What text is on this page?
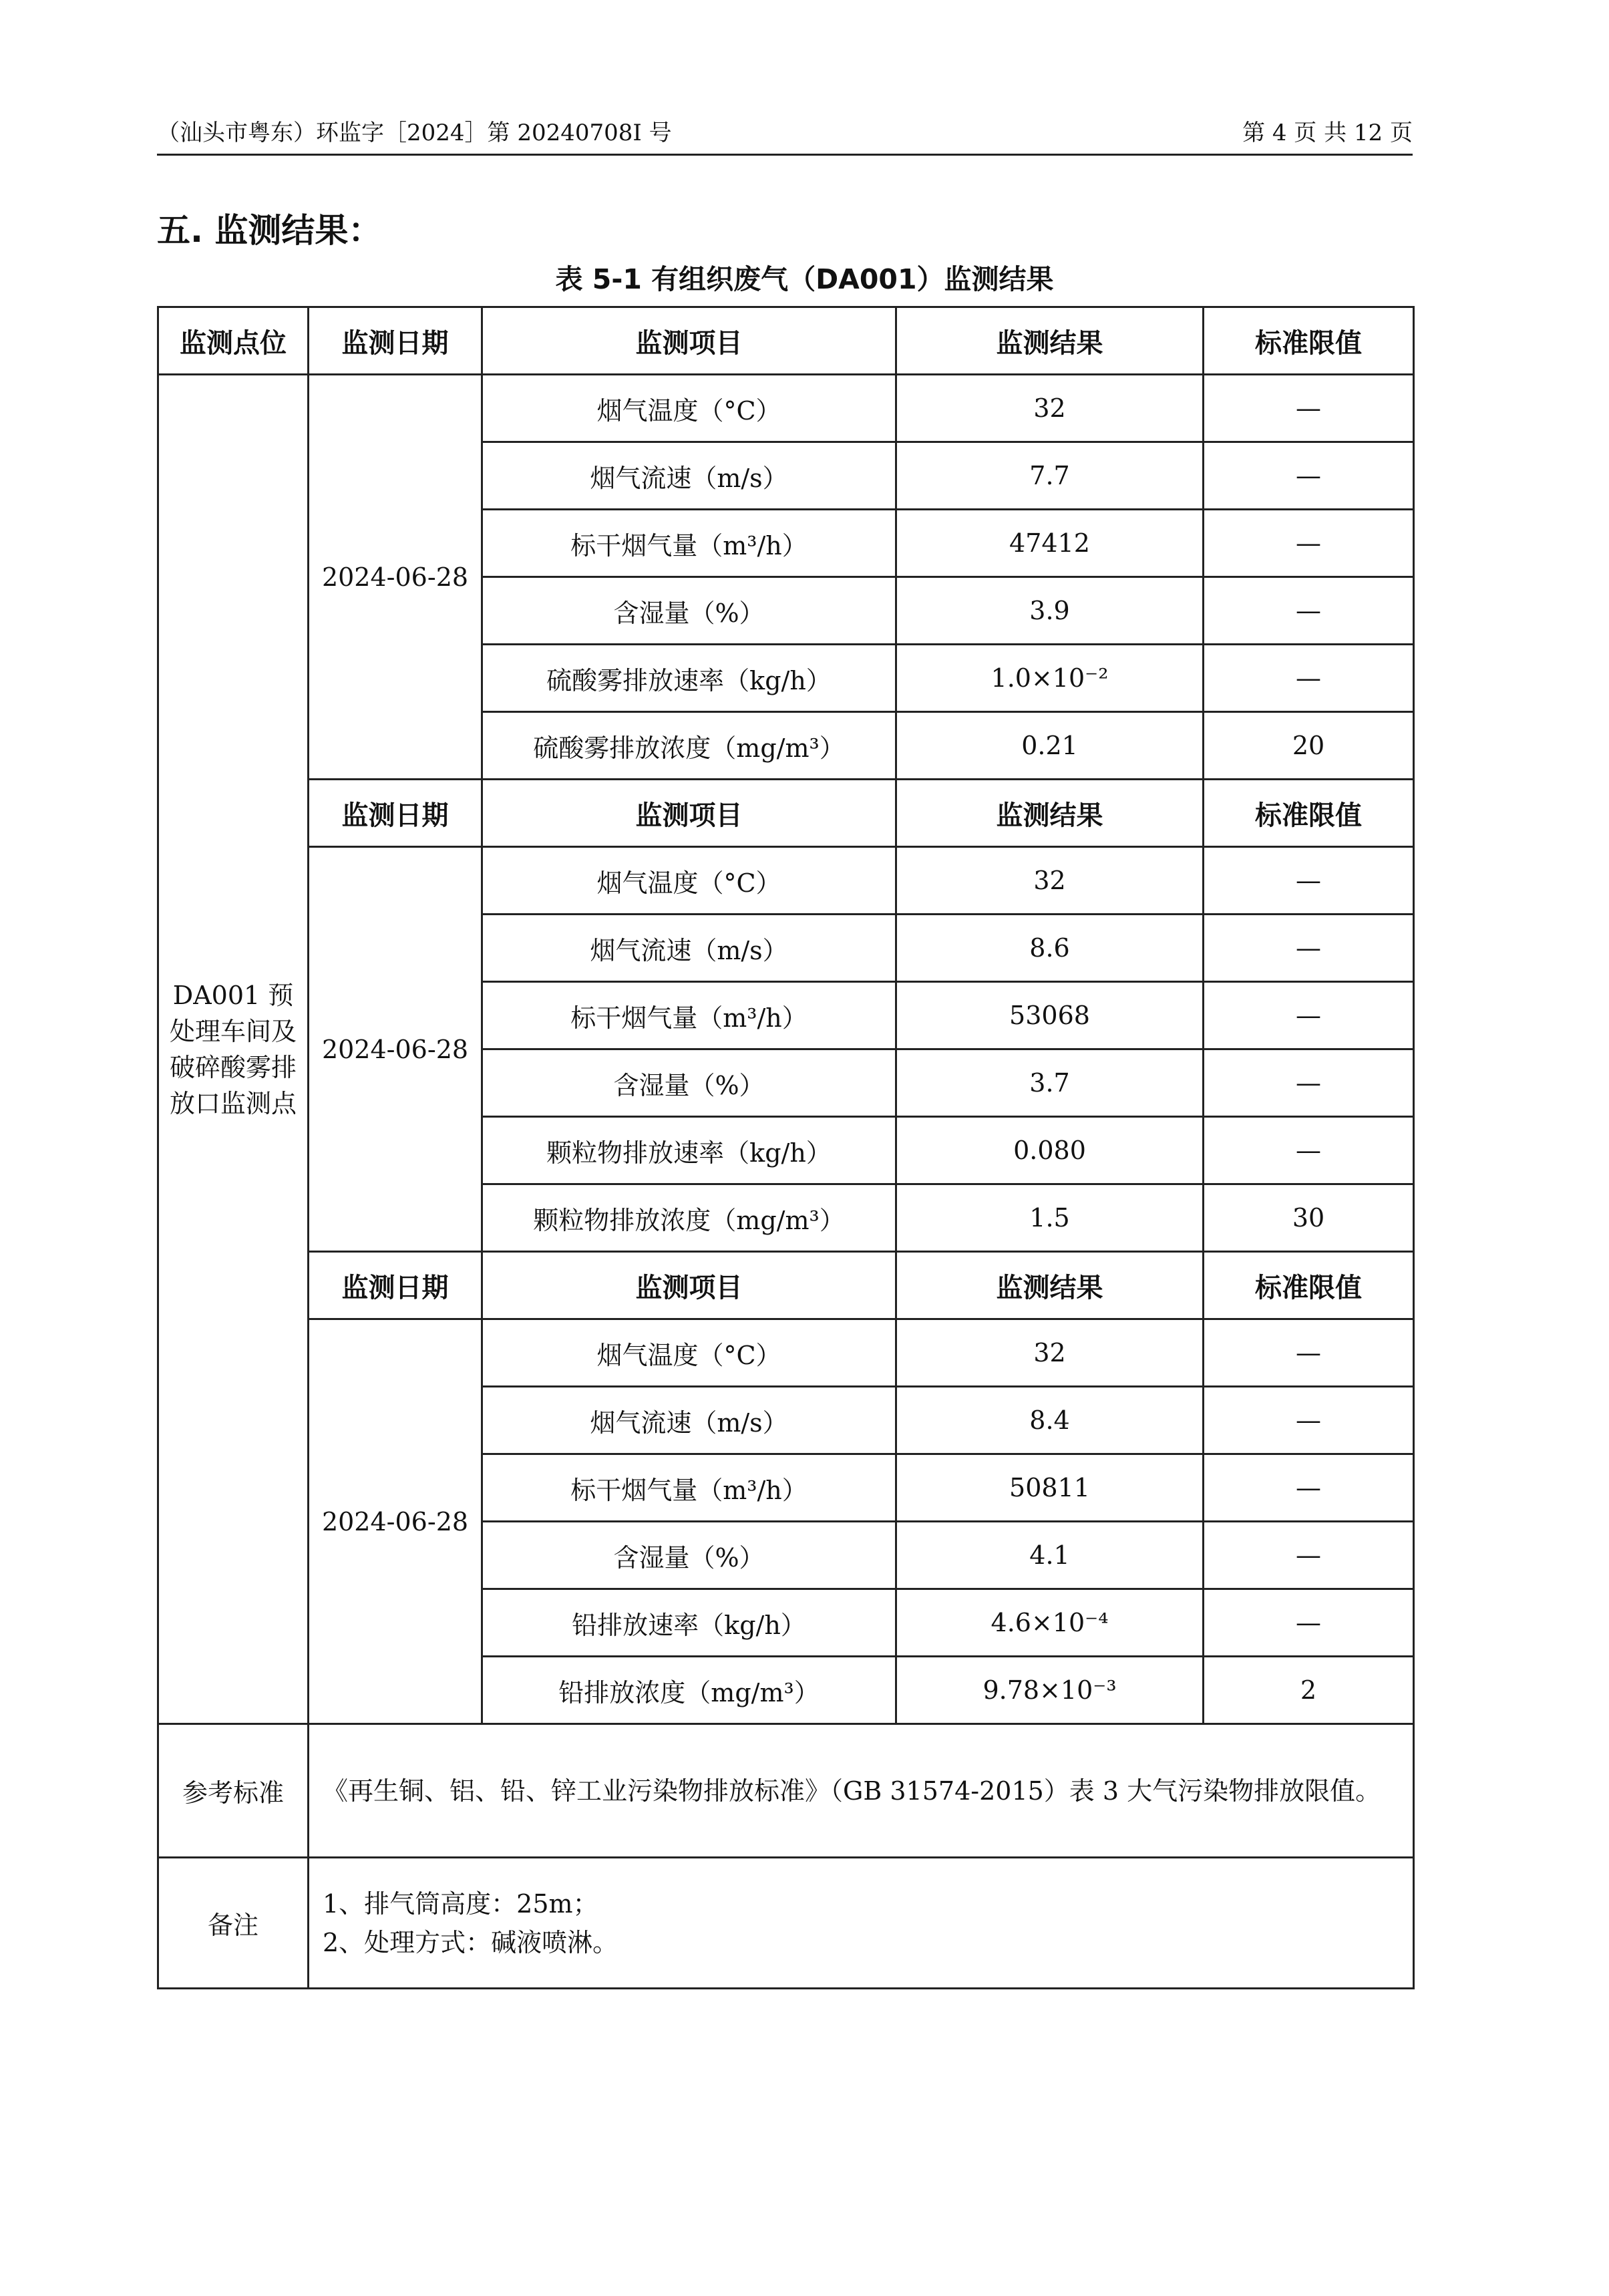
（汕头市粤东）环监字［2024］第 20240708I 号	第 4 页 共 12 页
五. 监测结果：
表 5-1 有组织废气（DA001）监测结果
监测点位	监测日期	监测项目	监测结果	标准限值
DA001 预处理车间及破碎酸雾排放口监测点	2024-06-28	烟气温度（°C）	32	—
		烟气流速（m/s）	7.7	—
		标干烟气量（m³/h）	47412	—
		含湿量（%）	3.9	—
		硫酸雾排放速率（kg/h）	1.0×10⁻²	—
		硫酸雾排放浓度（mg/m³）	0.21	20
	监测日期	监测项目	监测结果	标准限值
	2024-06-28	烟气温度（°C）	32	—
		烟气流速（m/s）	8.6	—
		标干烟气量（m³/h）	53068	—
		含湿量（%）	3.7	—
		颗粒物排放速率（kg/h）	0.080	—
		颗粒物排放浓度（mg/m³）	1.5	30
	监测日期	监测项目	监测结果	标准限值
	2024-06-28	烟气温度（°C）	32	—
		烟气流速（m/s）	8.4	—
		标干烟气量（m³/h）	50811	—
		含湿量（%）	4.1	—
		铅排放速率（kg/h）	4.6×10⁻⁴	—
		铅排放浓度（mg/m³）	9.78×10⁻³	2
参考标准	《再生铜、铝、铅、锌工业污染物排放标准》（GB 31574-2015）表 3 大气污染物排放限值。			
备注	1、排气筒高度：25m；
2、处理方式：碱液喷淋。			
